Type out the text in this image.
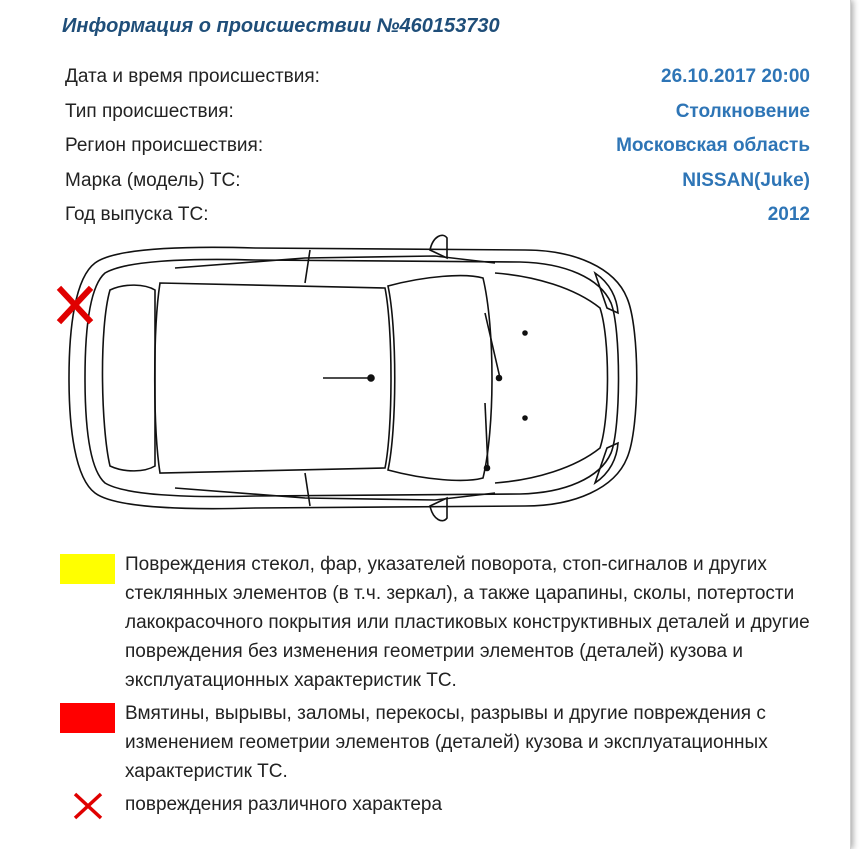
Информация о происшествии №460153730
Дата и время происшествия:	26.10.2017 20:00
Тип происшествия:	Столкновение
Регион происшествия:	Московская область
Марка (модель) ТС:	NISSAN(Juke)
Год выпуска ТС:	2012
Повреждения стекол, фар, указателей поворота, стоп-сигналов и других стеклянных элементов (в т.ч. зеркал), а также царапины, сколы, потертости лакокрасочного покрытия или пластиковых конструктивных деталей и другие повреждения без изменения геометрии элементов (деталей) кузова и эксплуатационных характеристик ТС.
Вмятины, вырывы, заломы, перекосы, разрывы и другие повреждения с изменением геометрии элементов (деталей) кузова и эксплуатационных характеристик ТС.
повреждения различного характера
